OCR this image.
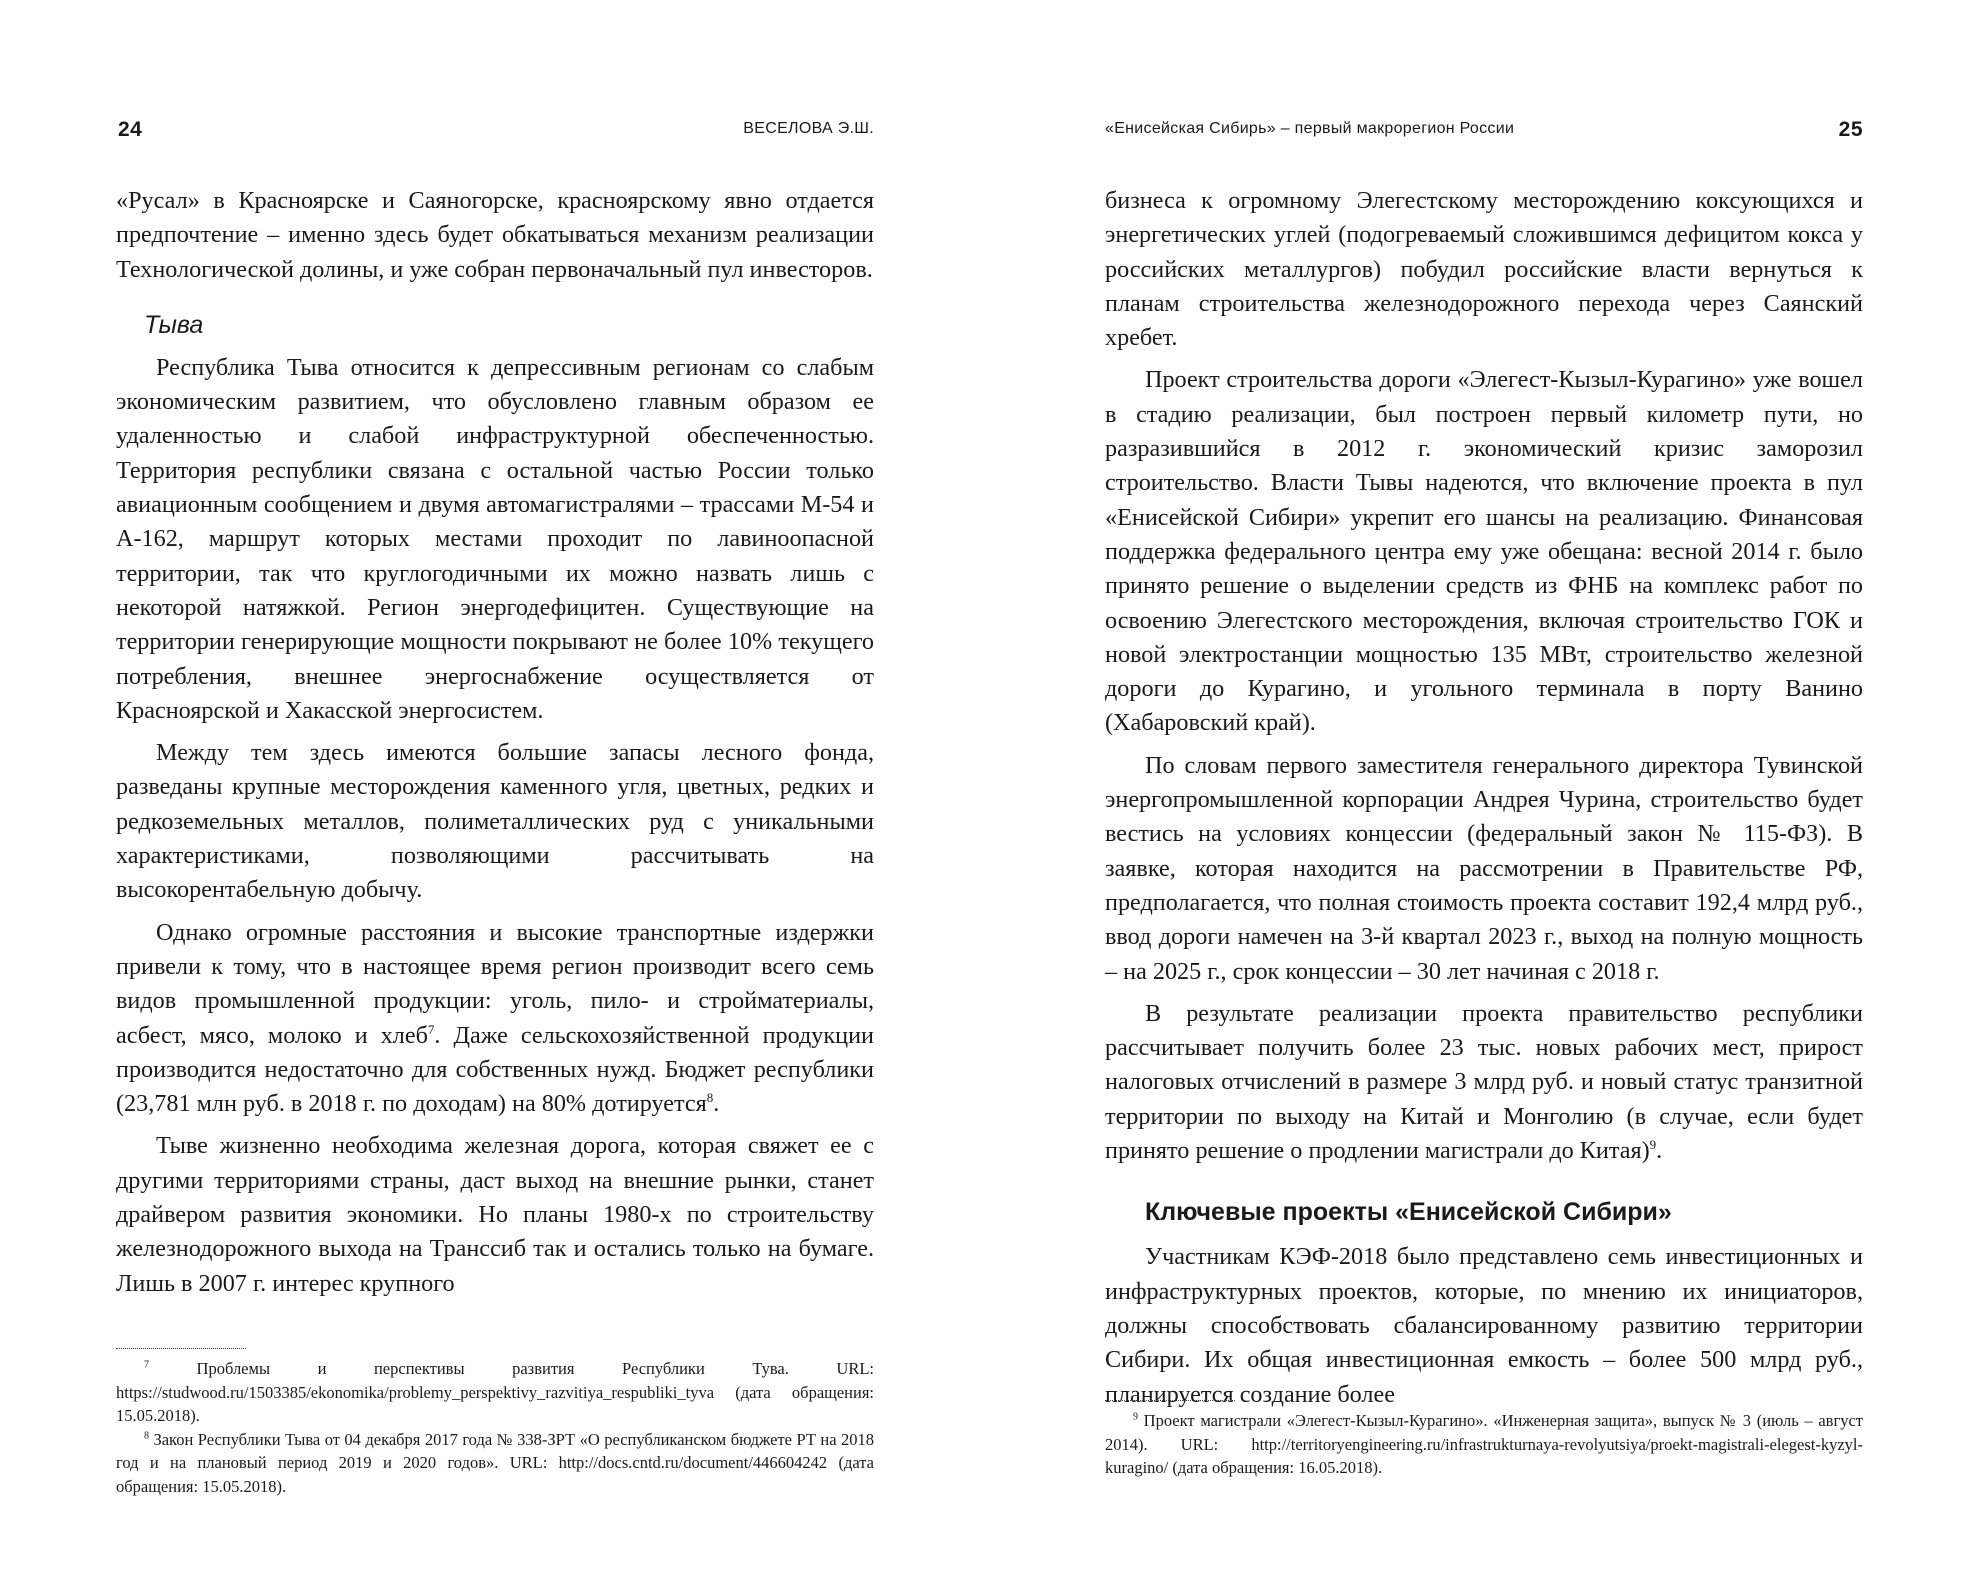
24	ВЕСЕЛОВА Э.Ш.

«Русал» в Красноярске и Саяногорске, красноярскому явно отдается предпочтение – именно здесь будет обкатываться механизм реализации Технологической долины, и уже собран первоначальный пул инвесторов.

Тыва

Республика Тыва относится к депрессивным регионам со слабым экономическим развитием, что обусловлено главным образом ее удаленностью и слабой инфраструктурной обеспеченностью. Территория республики связана с остальной частью России только авиационным сообщением и двумя автомагистралями – трассами М-54 и А-162, маршрут которых местами проходит по лавиноопасной территории, так что круглогодичными их можно назвать лишь с некоторой натяжкой. Регион энергодефицитен. Существующие на территории генерирующие мощности покрывают не более 10% текущего потребления, внешнее энергоснабжение осуществляется от Красноярской и Хакасской энергосистем.

Между тем здесь имеются большие запасы лесного фонда, разведаны крупные месторождения каменного угля, цветных, редких и редкоземельных металлов, полиметаллических руд с уникальными характеристиками, позволяющими рассчитывать на высокорентабельную добычу.

Однако огромные расстояния и высокие транспортные издержки привели к тому, что в настоящее время регион производит всего семь видов промышленной продукции: уголь, пило- и стройматериалы, асбест, мясо, молоко и хлеб$^7$. Даже сельскохозяйственной продукции производится недостаточно для собственных нужд. Бюджет республики (23,781 млн руб. в 2018 г. по доходам) на 80% дотируется$^8$.

Тыве жизненно необходима железная дорога, которая свяжет ее с другими территориями страны, даст выход на внешние рынки, станет драйвером развития экономики. Но планы 1980-х по строительству железнодорожного выхода на Транссиб так и остались только на бумаге. Лишь в 2007 г. интерес крупного

$^7$ Проблемы и перспективы развития Республики Тува. URL: https://studwood.ru/1503385/ekonomika/problemy_perspektivy_razvitiya_respubliki_tyva (дата обращения: 15.05.2018).

$^8$ Закон Республики Тыва от 04 декабря 2017 года № 338-ЗРТ «О республиканском бюджете РТ на 2018 год и на плановый период 2019 и 2020 годов». URL: http://docs.cntd.ru/document/446604242 (дата обращения: 15.05.2018).

«Енисейская Сибирь» – первый макрорегион России	25

бизнеса к огромному Элегестскому месторождению коксующихся и энергетических углей (подогреваемый сложившимся дефицитом кокса у российских металлургов) побудил российские власти вернуться к планам строительства железнодорожного перехода через Саянский хребет.

Проект строительства дороги «Элегест-Кызыл-Курагино» уже вошел в стадию реализации, был построен первый километр пути, но разразившийся в 2012 г. экономический кризис заморозил строительство. Власти Тывы надеются, что включение проекта в пул «Енисейской Сибири» укрепит его шансы на реализацию. Финансовая поддержка федерального центра ему уже обещана: весной 2014 г. было принято решение о выделении средств из ФНБ на комплекс работ по освоению Элегестского месторождения, включая строительство ГОК и новой электростанции мощностью 135 МВт, строительство железной дороги до Курагино, и угольного терминала в порту Ванино (Хабаровский край).

По словам первого заместителя генерального директора Тувинской энергопромышленной корпорации Андрея Чурина, строительство будет вестись на условиях концессии (федеральный закон № 115-ФЗ). В заявке, которая находится на рассмотрении в Правительстве РФ, предполагается, что полная стоимость проекта составит 192,4 млрд руб., ввод дороги намечен на 3-й квартал 2023 г., выход на полную мощность – на 2025 г., срок концессии – 30 лет начиная с 2018 г.

В результате реализации проекта правительство республики рассчитывает получить более 23 тыс. новых рабочих мест, прирост налоговых отчислений в размере 3 млрд руб. и новый статус транзитной территории по выходу на Китай и Монголию (в случае, если будет принято решение о продлении магистрали до Китая)$^9$.

Ключевые проекты «Енисейской Сибири»

Участникам КЭФ-2018 было представлено семь инвестиционных и инфраструктурных проектов, которые, по мнению их инициаторов, должны способствовать сбалансированному развитию территории Сибири. Их общая инвестиционная емкость – более 500 млрд руб., планируется создание более

$^9$ Проект магистрали «Элегест-Кызыл-Курагино». «Инженерная защита», выпуск № 3 (июль – август 2014). URL: http://territoryengineering.ru/infrastrukturnaya-revolyutsiya/proekt-magistrali-elegest-kyzyl-kuragino/ (дата обращения: 16.05.2018).
